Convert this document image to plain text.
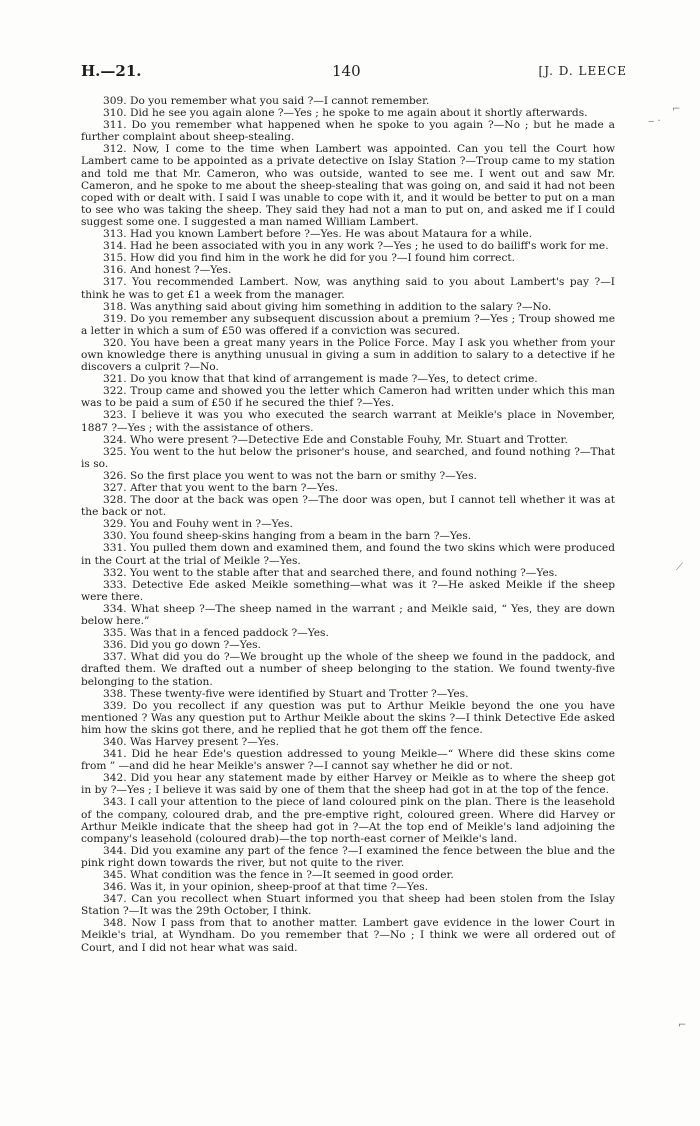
H.—21.	140	[J. D. LEECE

309. Do you remember what you said ?—I cannot remember.

310. Did he see you again alone ?—Yes ; he spoke to me again about it shortly afterwards.

311. Do you remember what happened when he spoke to you again ?—No ; but he made a further complaint about sheep-stealing.

312. Now, I come to the time when Lambert was appointed. Can you tell the Court how Lambert came to be appointed as a private detective on Islay Station ?—Troup came to my station and told me that Mr. Cameron, who was outside, wanted to see me. I went out and saw Mr. Cameron, and he spoke to me about the sheep-stealing that was going on, and said it had not been coped with or dealt with. I said I was unable to cope with it, and it would be better to put on a man to see who was taking the sheep. They said they had not a man to put on, and asked me if I could suggest some one. I suggested a man named William Lambert.

313. Had you known Lambert before ?—Yes. He was about Mataura for a while.

314. Had he been associated with you in any work ?—Yes ; he used to do bailiff's work for me.

315. How did you find him in the work he did for you ?—I found him correct.

316. And honest ?—Yes.

317. You recommended Lambert. Now, was anything said to you about Lambert's pay ?—I think he was to get £1 a week from the manager.

318. Was anything said about giving him something in addition to the salary ?—No.

319. Do you remember any subsequent discussion about a premium ?—Yes ; Troup showed me a letter in which a sum of £50 was offered if a conviction was secured.

320. You have been a great many years in the Police Force. May I ask you whether from your own knowledge there is anything unusual in giving a sum in addition to salary to a detective if he discovers a culprit ?—No.

321. Do you know that that kind of arrangement is made ?—Yes, to detect crime.

322. Troup came and showed you the letter which Cameron had written under which this man was to be paid a sum of £50 if he secured the thief ?—Yes.

323. I believe it was you who executed the search warrant at Meikle's place in November, 1887 ?—Yes ; with the assistance of others.

324. Who were present ?—Detective Ede and Constable Fouhy, Mr. Stuart and Trotter.

325. You went to the hut below the prisoner's house, and searched, and found nothing ?—That is so.

326. So the first place you went to was not the barn or smithy ?—Yes.

327. After that you went to the barn ?—Yes.

328. The door at the back was open ?—The door was open, but I cannot tell whether it was at the back or not.

329. You and Fouhy went in ?—Yes.

330. You found sheep-skins hanging from a beam in the barn ?—Yes.

331. You pulled them down and examined them, and found the two skins which were produced in the Court at the trial of Meikle ?—Yes.

332. You went to the stable after that and searched there, and found nothing ?—Yes.

333. Detective Ede asked Meikle something—what was it ?—He asked Meikle if the sheep were there.

334. What sheep ?—The sheep named in the warrant ; and Meikle said, “ Yes, they are down below here.”

335. Was that in a fenced paddock ?—Yes.

336. Did you go down ?—Yes.

337. What did you do ?—We brought up the whole of the sheep we found in the paddock, and drafted them. We drafted out a number of sheep belonging to the station. We found twenty-five belonging to the station.

338. These twenty-five were identified by Stuart and Trotter ?—Yes.

339. Do you recollect if any question was put to Arthur Meikle beyond the one you have mentioned ? Was any question put to Arthur Meikle about the skins ?—I think Detective Ede asked him how the skins got there, and he replied that he got them off the fence.

340. Was Harvey present ?—Yes.

341. Did he hear Ede's question addressed to young Meikle—“ Where did these skins come from ” —and did he hear Meikle's answer ?—I cannot say whether he did or not.

342. Did you hear any statement made by either Harvey or Meikle as to where the sheep got in by ?—Yes ; I believe it was said by one of them that the sheep had got in at the top of the fence.

343. I call your attention to the piece of land coloured pink on the plan. There is the leasehold of the company, coloured drab, and the pre-emptive right, coloured green. Where did Harvey or Arthur Meikle indicate that the sheep had got in ?—At the top end of Meikle's land adjoining the company's leasehold (coloured drab)—the top north-east corner of Meikle's land.

344. Did you examine any part of the fence ?—I examined the fence between the blue and the pink right down towards the river, but not quite to the river.

345. What condition was the fence in ?—It seemed in good order.

346. Was it, in your opinion, sheep-proof at that time ?—Yes.

347. Can you recollect when Stuart informed you that sheep had been stolen from the Islay Station ?—It was the 29th October, I think.

348. Now I pass from that to another matter. Lambert gave evidence in the lower Court in Meikle's trial, at Wyndham. Do you remember that ?—No ; I think we were all ordered out of Court, and I did not hear what was said.

⌐
‒ ·
⟋
⌐
